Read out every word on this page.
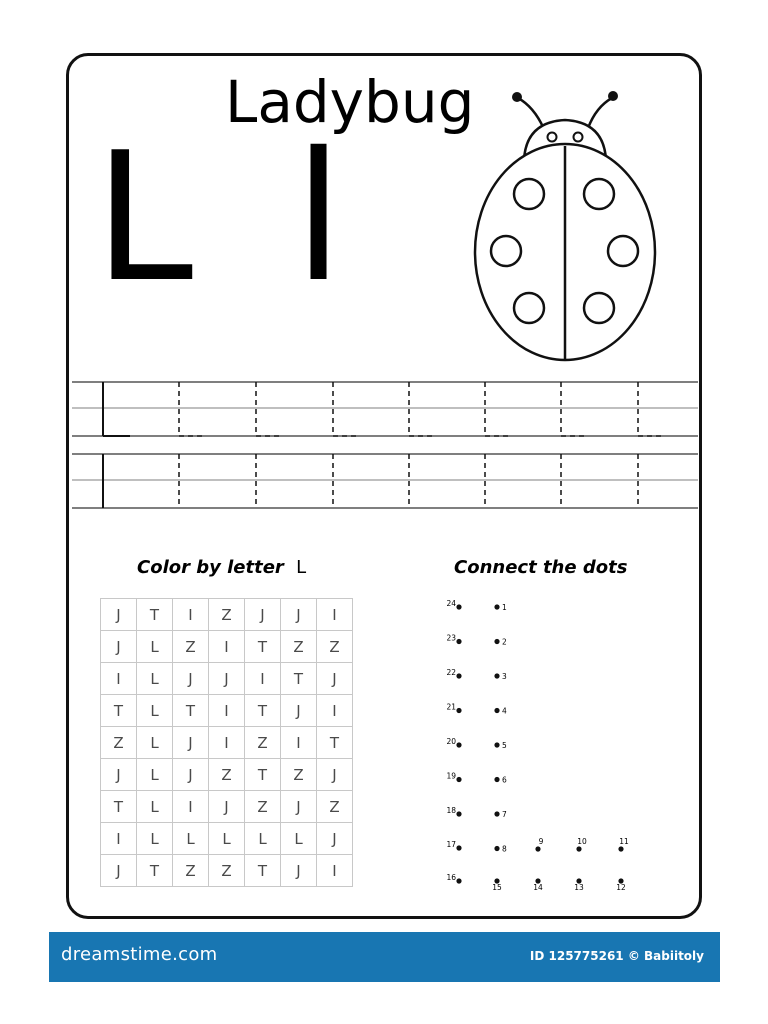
Ladybug
L l
Color by letter L	Connect the dots
J	T	I	Z	J	J	I
J	L	Z	I	T	Z	Z
I	L	J	J	I	T	J
T	L	T	I	T	J	I
Z	L	J	I	Z	I	T
J	L	J	Z	T	Z	J
T	L	I	J	Z	J	Z
I	L	L	L	L	L	J
J	T	Z	Z	T	J	I
1
2
3
4
5
6
7
8
9	10	11
12
13
14
15
16
17
18
19
20
21
22
23
24
dreamstime.com	ID 125775261 © Babiitoly
